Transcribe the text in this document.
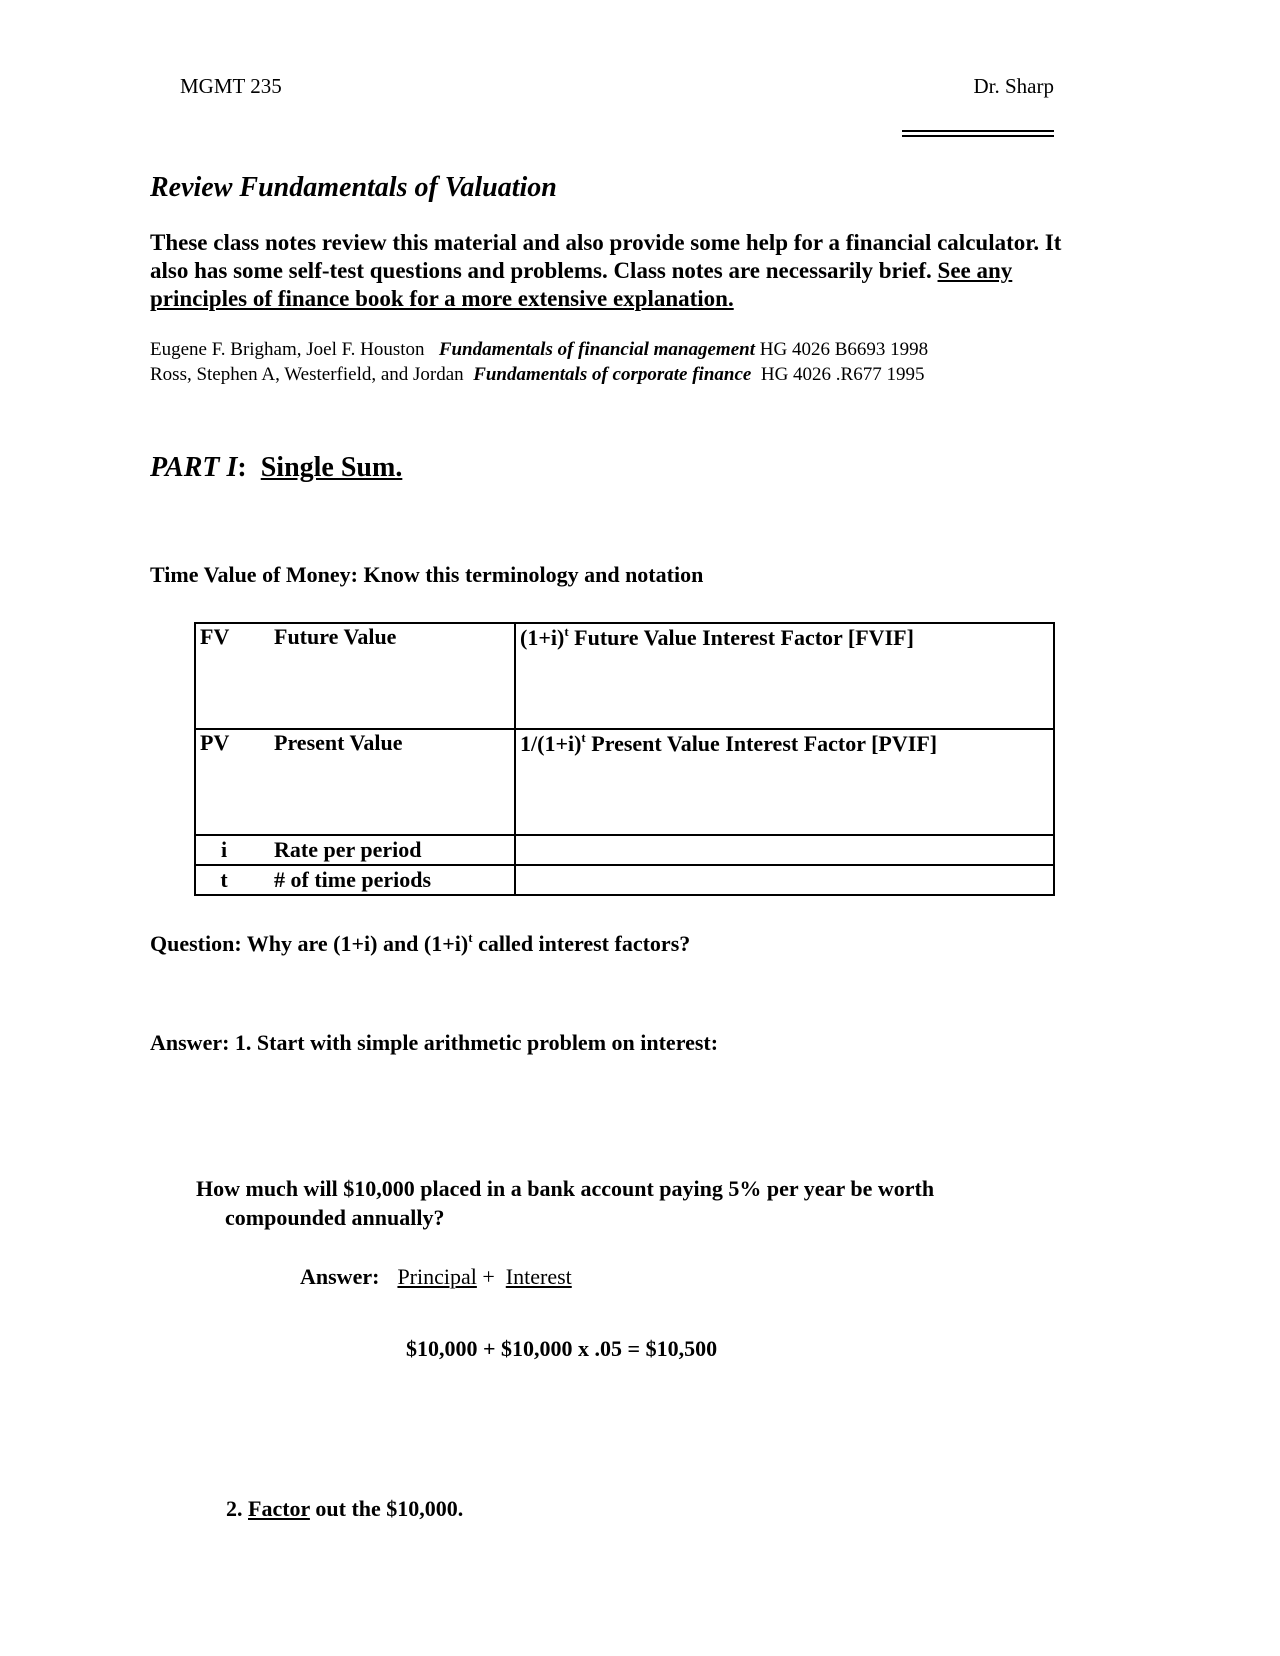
MGMT 235	Dr. Sharp
Review Fundamentals of Valuation
These class notes review this material and also provide some help for a financial calculator. It also has some self-test questions and problems. Class notes are necessarily brief. See any principles of finance book for a more extensive explanation.
Eugene F. Brigham, Joel F. Houston Fundamentals of financial management HG 4026 B6693 1998
Ross, Stephen A, Westerfield, and Jordan Fundamentals of corporate finance HG 4026 .R677 1995
PART I: Single Sum.
Time Value of Money: Know this terminology and notation
FV Future Value	$(1+i)^t$ Future Value Interest Factor [FVIF]
PV Present Value	$1/(1+i)^t$ Present Value Interest Factor [PVIF]
i Rate per period	
t # of time periods	
Question: Why are (1+i) and $(1+i)^t$ called interest factors?
Answer: 1. Start with simple arithmetic problem on interest:
How much will $10,000 placed in a bank account paying 5% per year be worth
compounded annually?
Answer: Principal +  Interest
$10,000 + $10,000 x .05 = $10,500
2. Factor out the $10,000.
